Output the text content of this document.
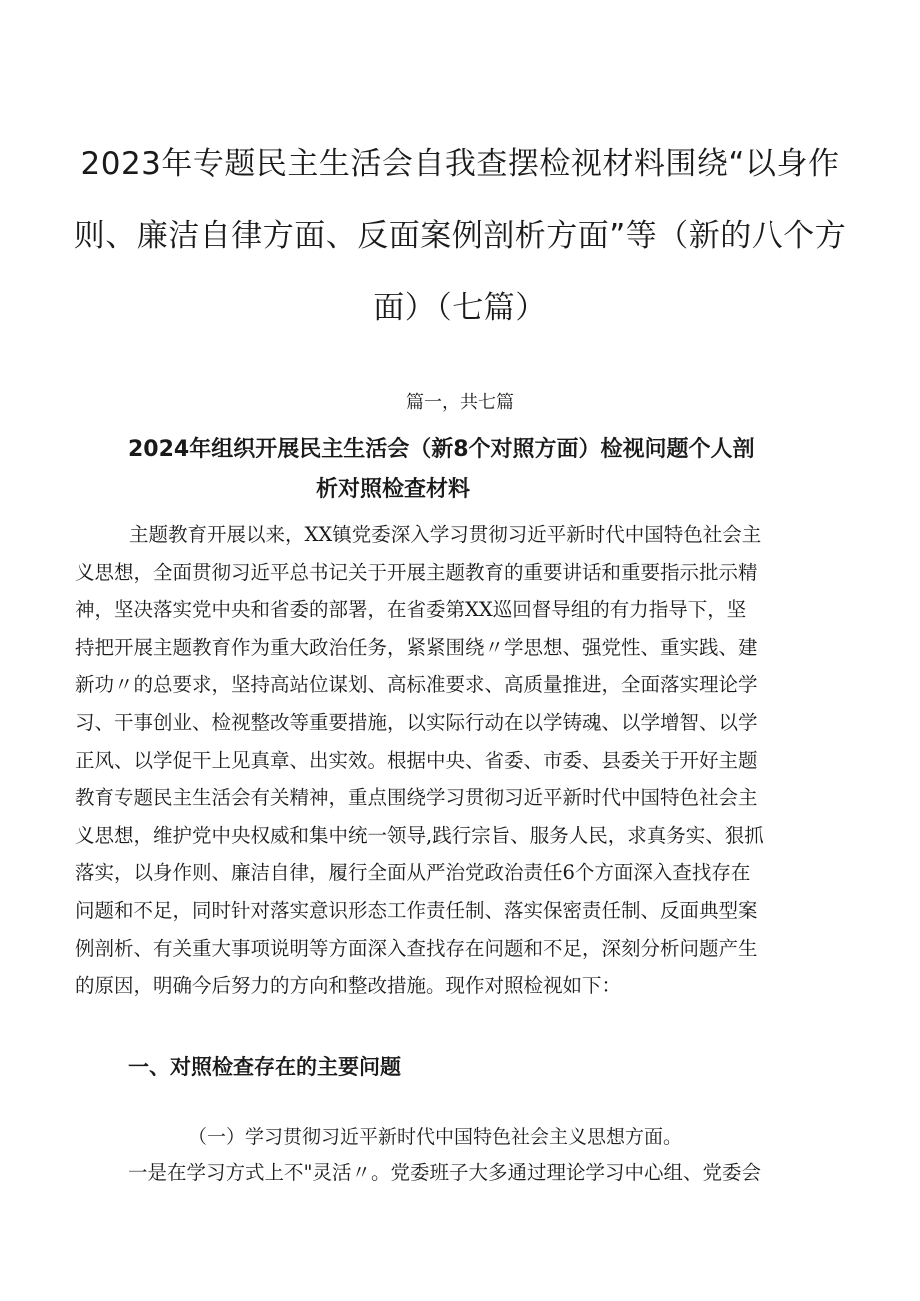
2023年专题民主生活会自我查摆检视材料围绕“以身作
则、廉洁自律方面、反面案例剖析方面”等（新的八个方
面）（七篇）

篇一，共七篇

2024年组织开展民主生活会（新8个对照方面）检视问题个人剖
析对照检查材料
主题教育开展以来，XX镇党委深入学习贯彻习近平新时代中国特色社会主
义思想，全面贯彻习近平总书记关于开展主题教育的重要讲话和重要指示批示精
神，坚决落实党中央和省委的部署，在省委第XX巡回督导组的有力指导下，坚
持把开展主题教育作为重大政治任务，紧紧围绕〃学思想、强党性、重实践、建
新功〃的总要求，坚持高站位谋划、高标准要求、高质量推进，全面落实理论学
习、干事创业、检视整改等重要措施，以实际行动在以学铸魂、以学增智、以学
正风、以学促干上见真章、出实效。根据中央、省委、市委、县委关于开好主题
教育专题民主生活会有关精神，重点围绕学习贯彻习近平新时代中国特色社会主
义思想，维护党中央权威和集中统一领导,践行宗旨、服务人民，求真务实、狠抓
落实，以身作则、廉洁自律，履行全面从严治党政治责任6个方面深入查找存在
问题和不足，同时针对落实意识形态工作责任制、落实保密责任制、反面典型案
例剖析、有关重大事项说明等方面深入查找存在问题和不足，深刻分析问题产生
的原因，明确今后努力的方向和整改措施。现作对照检视如下：
一、对照检查存在的主要问题

（一）学习贯彻习近平新时代中国特色社会主义思想方面。

一是在学习方式上不"灵活〃。党委班子大多通过理论学习中心组、党委会
